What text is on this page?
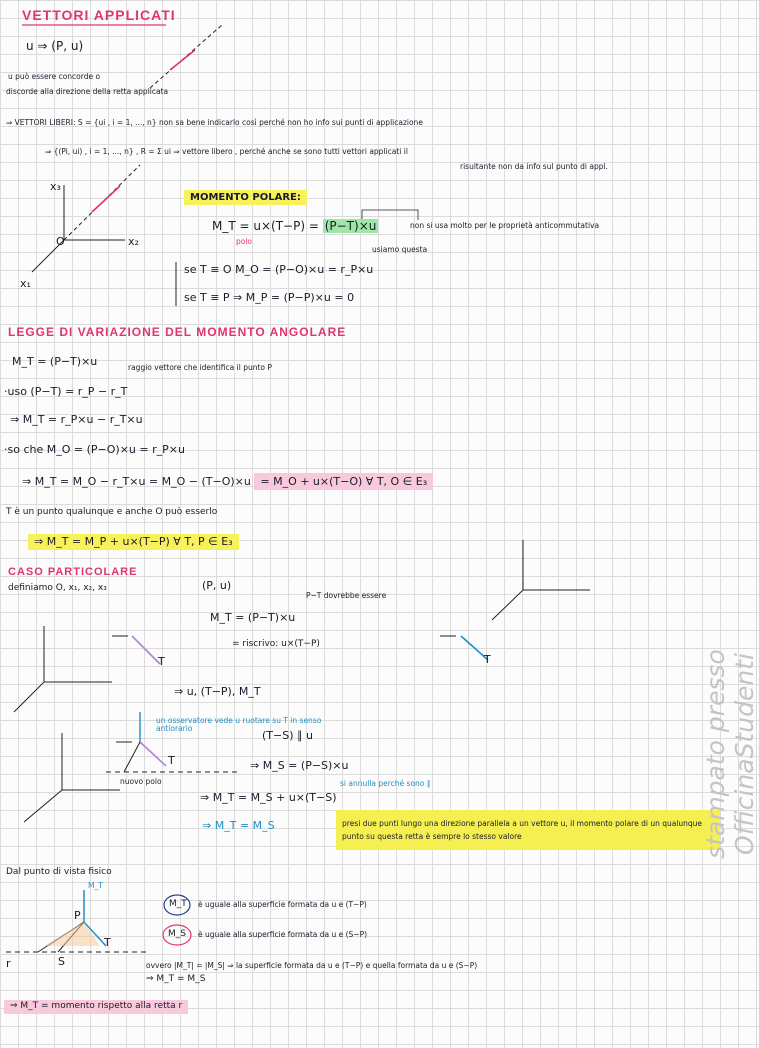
VETTORI APPLICATI
u ⇒ (P, u)
u può essere concorde o
discorde alla direzione della retta applicata
⇒ VETTORI LIBERI: S = {ui , i = 1, ..., n} non sa bene indicarlo così perché non ho info sui punti di applicazione
⇒ {(Pi, ui) , i = 1, ..., n} , R = Σ ui ⇒ vettore libero , perché anche se sono tutti vettori applicati il
risultante non da info sul punto di appl.
x₃
x₁
x₂
O
MOMENTO POLARE:
M_T = u×(T−P) = (P−T)×u
polo
usiamo questa
non si usa molto per le proprietà anticommutativa
se T ≡ O M_O = (P−O)×u = r_P×u
se T ≡ P ⇒ M_P = (P−P)×u = 0
LEGGE DI VARIAZIONE DEL MOMENTO ANGOLARE
M_T = (P−T)×u	raggio vettore che identifica il punto P
·uso (P−T) = r_P − r_T
⇒ M_T = r_P×u − r_T×u
·so che M_O = (P−O)×u = r_P×u
⇒ M_T = M_O − r_T×u = M_O − (T−O)×u = M_O + u×(T−O) ∀ T, O ∈ E₃
T è un punto qualunque e anche O può esserlo
⇒ M_T = M_P + u×(T−P) ∀ T, P ∈ E₃
CASO PARTICOLARE
definiamo O, x₁, x₂, x₃	(P, u)
P−T dovrebbe essere
M_T = (P−T)×u
= riscrivo: u×(T−P)
⇒ u, (T−P), M_T
un osservatore vede u ruotare su T in senso antiorario
(T−S) ∥ u
⇒ M_S = (P−S)×u
si annulla perché sono ∥
⇒ M_T = M_S + u×(T−S)
⇒ M_T = M_S	presi due punti lungo una direzione parallela a un vettore u, il momento polare di un qualunque punto su questa retta è sempre lo stesso valore
nuovo polo
Dal punto di vista fisico
M_T
M_S
è uguale alla superficie formata da u e (T−P)
è uguale alla superficie formata da u e (S−P)
ovvero |M_T| = |M_S| ⇒ la superficie formata da u e (T−P) e quella formata da u e (S−P)
⇒ M_T = M_S
⇒ M_T = momento rispetto alla retta r
r	S
T
P
M_T
T	T
T	stampato presso OfficinaStudenti
